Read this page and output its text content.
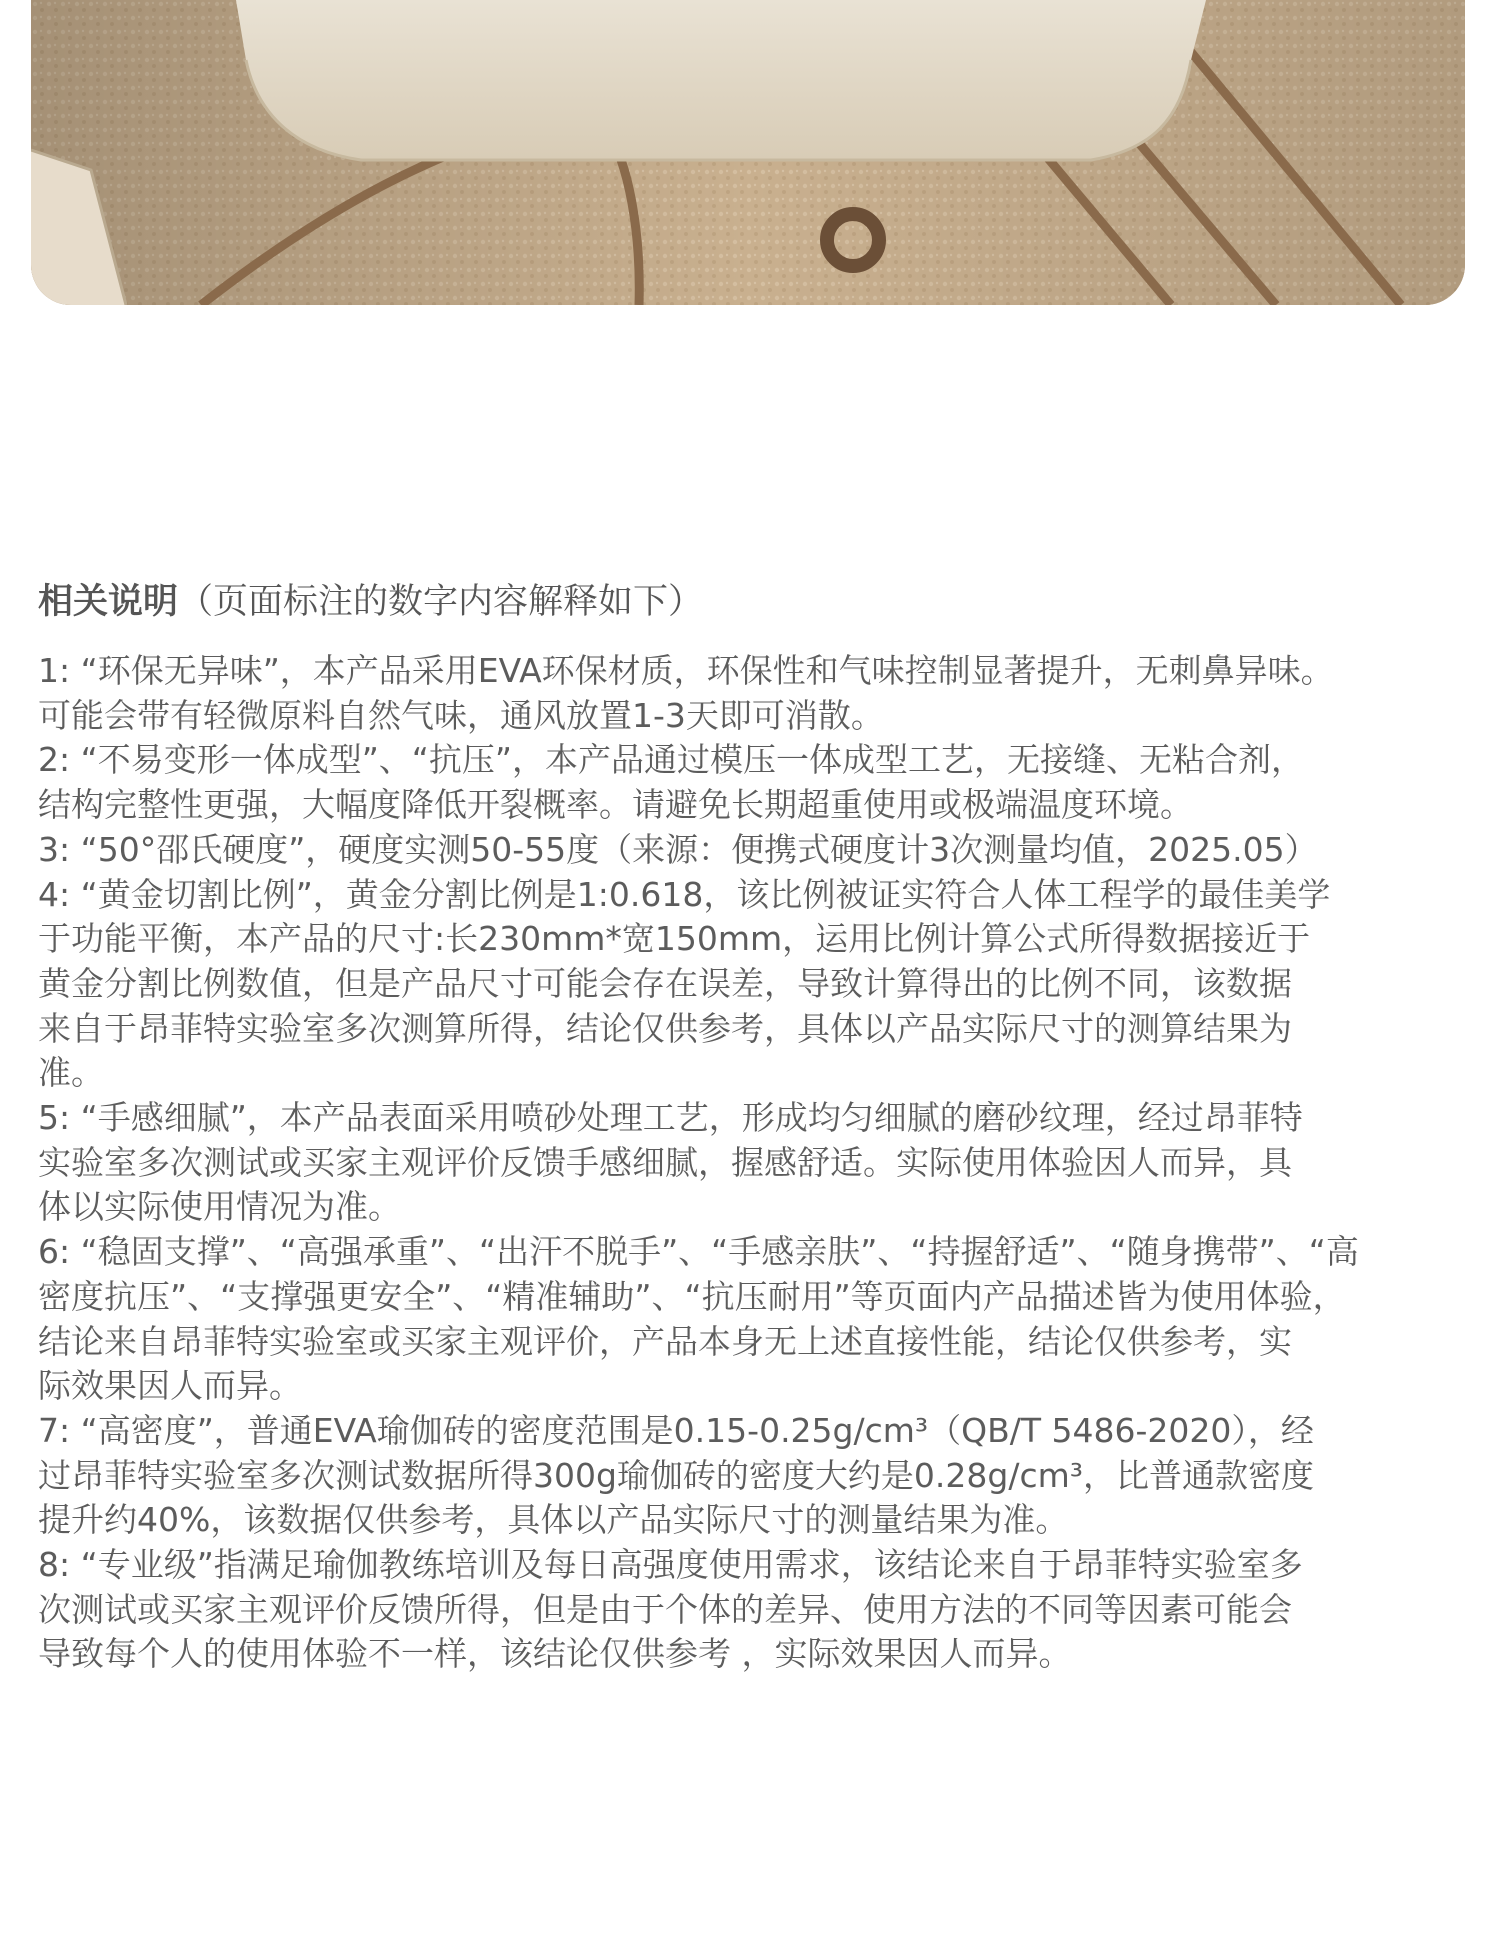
相关说明（页面标注的数字内容解释如下）

1: “环保无异味”，本产品采用EVA环保材质，环保性和气味控制显著提升，无刺鼻异味。
可能会带有轻微原料自然气味，通风放置1-3天即可消散。

2: “不易变形一体成型”、“抗压”，本产品通过模压一体成型工艺，无接缝、无粘合剂，
结构完整性更强，大幅度降低开裂概率。请避免长期超重使用或极端温度环境。

3: “50°邵氏硬度”，硬度实测50-55度（来源：便携式硬度计3次测量均值，2025.05）

4: “黄金切割比例”，黄金分割比例是1:0.618，该比例被证实符合人体工程学的最佳美学
于功能平衡，本产品的尺寸:长230mm*宽150mm，运用比例计算公式所得数据接近于
黄金分割比例数值，但是产品尺寸可能会存在误差，导致计算得出的比例不同，该数据
来自于昂菲特实验室多次测算所得，结论仅供参考，具体以产品实际尺寸的测算结果为
准。

5: “手感细腻”，本产品表面采用喷砂处理工艺，形成均匀细腻的磨砂纹理，经过昂菲特
实验室多次测试或买家主观评价反馈手感细腻，握感舒适。实际使用体验因人而异，具
体以实际使用情况为准。

6: “稳固支撑”、“高强承重”、“出汗不脱手”、“手感亲肤”、“持握舒适”、“随身携带”、“高
密度抗压”、“支撑强更安全”、“精准辅助”、“抗压耐用”等页面内产品描述皆为使用体验，
结论来自昂菲特实验室或买家主观评价，产品本身无上述直接性能，结论仅供参考，实
际效果因人而异。

7: “高密度”，普通EVA瑜伽砖的密度范围是0.15-0.25g/cm³（QB/T 5486-2020），经
过昂菲特实验室多次测试数据所得300g瑜伽砖的密度大约是0.28g/cm³，比普通款密度
提升约40%，该数据仅供参考，具体以产品实际尺寸的测量结果为准。

8: “专业级”指满足瑜伽教练培训及每日高强度使用需求，该结论来自于昂菲特实验室多
次测试或买家主观评价反馈所得，但是由于个体的差异、使用方法的不同等因素可能会
导致每个人的使用体验不一样，该结论仅供参考 ，实际效果因人而异。
